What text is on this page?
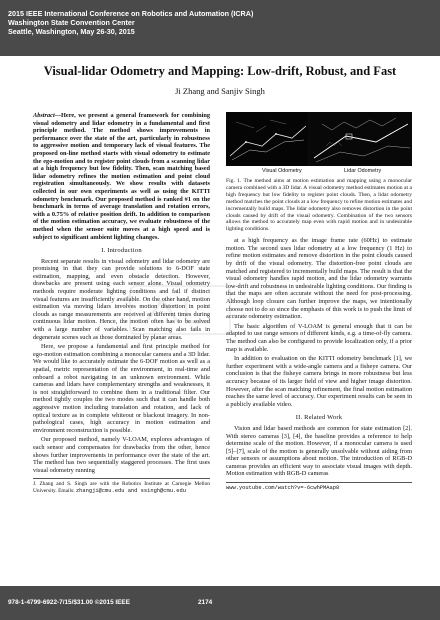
2015 IEEE International Conference on Robotics and Automation (ICRA)
Washington State Convention Center
Seattle, Washington, May 26-30, 2015
Visual-lidar Odometry and Mapping: Low-drift, Robust, and Fast
Ji Zhang and Sanjiv Singh
Abstract—Here, we present a general framework for combining visual odometry and lidar odometry in a fundamental and first principle method. The method shows improvements in performance over the state of the art, particularly in robustness to aggressive motion and temporary lack of visual features. The proposed on-line method starts with visual odometry to estimate the ego-motion and to register point clouds from a scanning lidar at a high frequency but low fidelity. Then, scan matching based lidar odometry refines the motion estimation and point cloud registration simultaneously. We show results with datasets collected in our own experiments as well as using the KITTI odometry benchmark. Our proposed method is ranked #1 on the benchmark in terms of average translation and rotation errors, with a 0.75% of relative position drift. In addition to comparison of the motion estimation accuracy, we evaluate robustness of the method when the sensor suite moves at a high speed and is subject to significant ambient lighting changes.
I. Introduction

Recent separate results in visual odometry and lidar odometry are promising in that they can provide solutions to 6-DOF state estimation, mapping, and even obstacle detection. However, drawbacks are present using each sensor alone. Visual odometry methods require moderate lighting conditions and fail if distinct visual features are insufficiently available. On the other hand, motion estimation via moving lidars involves motion distortion in point clouds as range measurements are received at different times during continuous lidar motion. Hence, the motion often has to be solved with a large number of variables. Scan matching also fails in degenerate scenes such as those dominated by planar areas.

Here, we propose a fundamental and first principle method for ego-motion estimation combining a monocular camera and a 3D lidar. We would like to accurately estimate the 6-DOF motion as well as a spatial, metric representation of the environment, in real-time and onboard a robot navigating in an unknown environment. While cameras and lidars have complementary strengths and weaknesses, it is not straightforward to combine them in a traditional filter. Our method tightly couples the two modes such that it can handle both aggressive motion including translation and rotation, and lack of optical texture as in complete whiteout or blackout imagery. In non-pathological cases, high accuracy in motion estimation and environment reconstruction is possible.

Our proposed method, namely V-LOAM, explores advantages of each sensor and compensates for drawbacks from the other, hence shows further improvements in performance over the state of the art. The method has two sequentially staggered processes. The first uses visual odometry running

J. Zhang and S. Singh are with the Robotics Institute at Carnegie Mellon University. Emails: zhangji@cmu.edu and ssingh@cmu.edu
Visual Odometry	Lidar Odometry
Fig. 1. The method aims at motion estimation and mapping using a monocular camera combined with a 3D lidar. A visual odometry method estimates motion at a high frequency but low fidelity to register point clouds. Then, a lidar odometry method matches the point clouds at a low frequency to refine motion estimates and incrementally build maps. The lidar odometry also removes distortion in the point clouds caused by drift of the visual odometry. Combination of the two sensors allows the method to accurately map even with rapid motion and in undesirable lighting conditions.

at a high frequency as the image frame rate (60Hz) to estimate motion. The second uses lidar odometry at a low frequency (1 Hz) to refine motion estimates and remove distortion in the point clouds caused by drift of the visual odometry. The distortion-free point clouds are matched and registered to incrementally build maps. The result is that the visual odometry handles rapid motion, and the lidar odometry warrants low-drift and robustness in undesirable lighting conditions. Our finding is that the maps are often accurate without the need for post-processing. Although loop closure can further improve the maps, we intentionally choose not to do so since the emphasis of this work is to push the limit of accurate odometry estimation.

The basic algorithm of V-LOAM is general enough that it can be adapted to use range sensors of different kinds, e.g. a time-of-fly camera. The method can also be configured to provide localization only, if a prior map is available.

In addition to evaluation on the KITTI odometry benchmark [1], we further experiment with a wide-angle camera and a fisheye camera. Our conclusion is that the fisheye camera brings in more robustness but less accuracy because of its larger field of view and higher image distortion. However, after the scan matching refinement, the final motion estimation reaches the same level of accuracy. Our experiment results can be seen in a publicly available video.

II. Related Work

Vision and lidar based methods are common for state estimation [2]. With stereo cameras [3], [4], the baseline provides a reference to help determine scale of the motion. However, if a monocular camera is used [5]–[7], scale of the motion is generally unsolvable without aiding from other sensors or assumptions about motion. The introduction of RGB-D cameras provides an efficient way to associate visual images with depth. Motion estimation with RGB-D cameras

www.youtube.com/watch?v=-6cwhPMAap8
978-1-4799-6922-7/15/$31.00 ©2015 IEEE	2174
